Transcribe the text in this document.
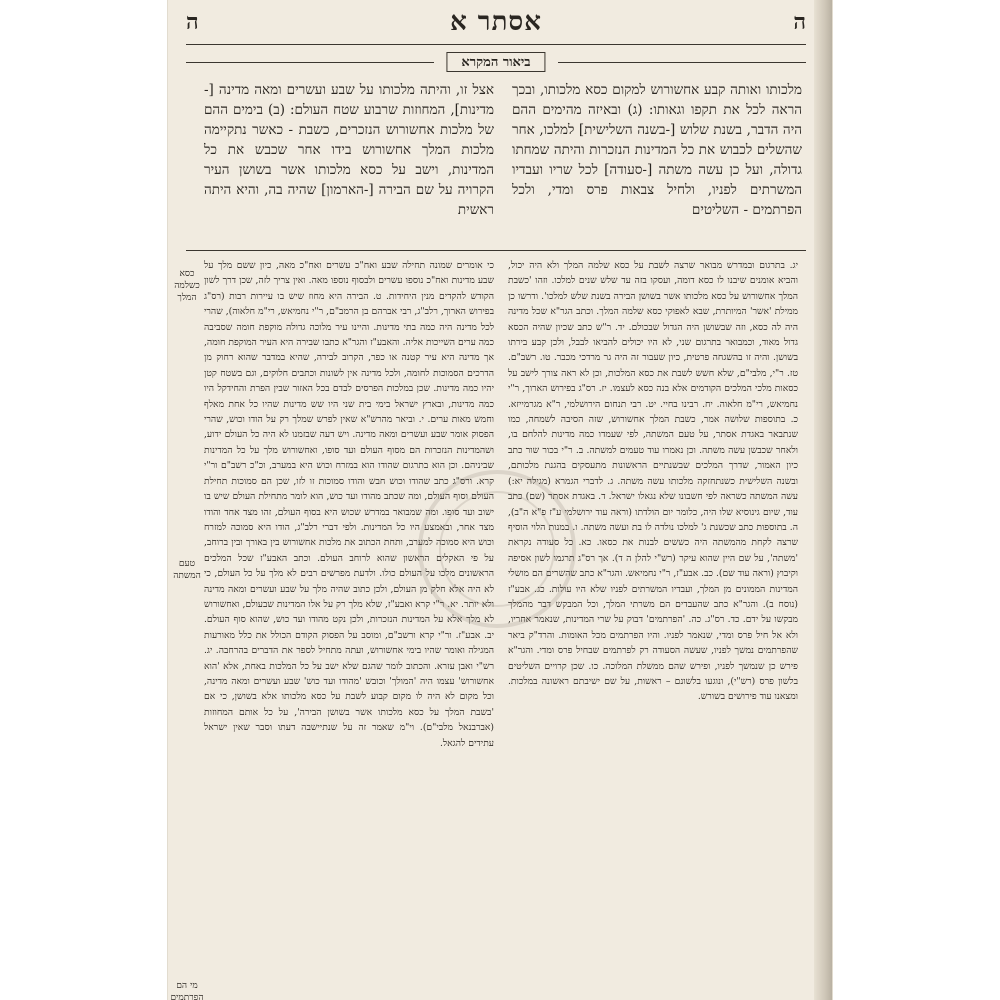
ה	אסתר א	ה
ביאור המקרא
אצל זו, והיתה מלכותו על שבע ועשרים ומאה מדינה [-מדינות], המחוזות שרבוע שטח העולם: (ב) בימים ההם של מלכות אחשורוש הנזכרים, כשבת - כאשר נתקיימה מלכות המלך אחשורוש בידו אחר שכבש את כל המדינות, וישב על כסא מלכותו אשר בשושן העיר הקרויה על שם הבירה [-הארמון] שהיה בה, והיא היתה ראשית
מלכותו ואותה קבע אחשורוש למקום כסא מלכותו, ובכך הראה לכל את תקפו וגאותו: (ג) ובאיזה מהימים ההם היה הדבר, בשנת שלוש [-בשנה השלישית] למלכו, אחר שהשלים לכבוש את כל המדינות הנזכרות והיתה שמחתו גדולה, ועל כן עשה משתה [-סעודה] לכל שריו ועבדיו המשרתים לפניו, ולחיל צבאות פרס ומדי, ולכל הפרתמים - השליטים
כסא כשלמה המלך
טעם המשתה
מי הם הפרתמים
כי אומרים שמונה תחילה שבע ואח"כ עשרים ואח"כ מאה, כיון ששם מלך על שבע מדינות ואח"כ נוספו עשרים ולבסוף נוספו מאה. ואין צריך לזה, שכן דרך לשון הקודש להקדים מנין היחידות. ט. הבירה היא מחוז שיש בו עיירות רבות (רס"ג בפירוש הארוך, רלב"ג, רבי אברהם בן הרמב"ם, ר"י נחמיאש, רי"מ חלאוה), שהרי לכל מדינה היה כמה בתי מדינות. והיינו עיר מלוכה גדולה מוקפת חומה שסביבה כמה ערים השייכות אליה. והאבע"ז והגר"א כתבו שבירה היא העיר המוקפת חומה, אך מדינה היא עיר קטנה או כפר, הקרוב לבירה, שהיא במדבר שהוא רחוק מן הדרכים הסמוכות לחומה, ולכל מדינה אין לשונות וכתבים חלוקים, וגם בשטח קטן יהיו כמה מדינות. שכן במלכות הפרסים לבדם בכל האזור שבין הפרת והחידקל היו כמה מדינות, ובארץ ישראל בימי בית שני היו שש מדינות שהיו כל אחת מאלף וחמש מאות ערים. י. וביאר מהרש"א שאין לפרש שמלך רק על הודו וכוש, שהרי הפסוק אומר שבע ועשרים ומאה מדינה. ויש דעה שבזמנו לא היה כל העולם ידוע, ושהמדינות הנזכרות הם מסוף העולם ועד סופו, ואחשורוש מלך על כל המדינות שביניהם. וכן הוא בתרגום שהודו הוא במזרח וכוש היא במערב, וכ"כ רשב"ם ור"י קרא. ורס"ג כתב שהודו וכוש חבש והודו סמוכות זו לזו, שכן הם סמוכות תחילת העולם וסוף העולם, ומה שכתב מהודו ועד כוש, הוא לומר מתחילת העולם שיש בו ישוב ועד סופו. ומה שמבואר במדרש שכוש היא בסוף העולם, זהו מצד אחד והודו מצד אחר, ובאמצע היו כל המדינות. ולפי דברי רלב"ג, הודו היא סמוכה למזרח וכוש היא סמוכה למערב, ותחת הכתוב את מלכות אחשורוש בין באורך ובין ברוחב, על פי האקלים הראשון שהוא לרוחב העולם. וכתב האבע"ז שכל המלכים הראשונים מלכו על העולם כולו. ולדעת מפרשים רבים לא מלך על כל העולם, כי לא היה אלא חלק מן העולם, ולכן כתוב שהיה מלך על שבע ועשרים ומאה מדינה ולא יותר. יא. ר"י קרא ואבע"ז, שלא מלך רק על אלו המדינות שבעולם, ואחשורוש לא מלך אלא על המדינות הנזכרות, ולכן נקט מהודו ועד כוש, שהוא סוף העולם. יב. אבע"ז. ור"י קרא ורשב"ם, ומוסב על הפסוק הקודם הכולל את כלל מאורעות המגילה ואומר שהיו בימי אחשורוש, ועתה מתחיל לספר את הדברים בהרחבה. יג. רש"י ואבן עזרא. והכתוב לומר שהגם שלא ישב על כל המלכות באחת, אלא 'הוא אחשורוש' עצמו היה 'המולך' וכובש 'מהודו ועד כוש' שבע ועשרים ומאה מדינה, וכל מקום לא היה לו מקום קבוע לשבת על כסא מלכותו אלא בשושן, כי אם 'בשבת המלך על כסא מלכותו אשר בשושן הבירה', על כל אותם המחוזות (אברבנאל מלבי"ם). וי"מ שאמר זה על שנתיישבה דעתו וסבר שאין ישראל עתידים להגאל.
יג. בתרגום ובמדרש מבואר שרצה לשבת על כסא שלמה המלך ולא היה יכול, והביא אומנים שיבנו לו כסא דומה, ועסקו בזה עד שלש שנים למלכו. וזהו 'כשבת המלך אחשורוש על כסא מלכותו אשר בשושן הבירה בשנת שלש למלכו'. ודרשו כן ממילת 'אשר' המיותרת, שבא לאפוקי כסא שלמה המלך. וכתב הגר"א שכל מדינה היה לה כסא, וזה שבשושן היה הגדול שבכולם. יד. ר"ש כתב שכיון שהיה הכסא גדול מאוד, וכמבואר בתרגום שני, לא היו יכולים להביאו לבבל, ולכן קבע בירתו בשושן. והיה זו בהשגחה פרטית, כיון שעבור זה היה גר מרדכי מכבר. טו. רשב"ם. טז. ר"י, מלבי"ם, שלא חשש לשבת את כסא המלכות, וכן לא ראה צורך לישב על כסאות מלכי המלכים הקודמים אלא בנה כסא לעצמו. יז. רס"ג בפירוש הארוך, ר"י נחמיאש, רי"מ חלאוה. יח. רבינו בחיי. יט. רבי תנחום הירושלמי, ר"א מגרמייזא. כ. בתוספות שלושה אמר, כשבת המלך אחשורוש, שזה הסיבה לשמחה, כמו שנתבאר באגדת אסתר, על טעם המשתה, לפי שעמדו כמה מדינות להלחם בו, ולאחר שכבשן עשה משתה. וכן נאמרו עוד טעמים למשתה. ב. ר"י בכור שור כתב כיון האמור, שדרך המלכים שבשנתיים הראשונות מתעסקים בהגנת מלכותם, ובשנה השלישית כשנתחזקה מלכותו עשה משתה. ג. לדברי הגמרא (מגילה יא:) עשה המשתה כשראה לפי חשבונו שלא נגאלו ישראל. ד. באגדת אסתר (שם) כתב עוד, שיום גינוסיא שלו היה, כלומר יום הולדתו (וראה עוד ירושלמי ע"ז פ"א ה"ב), ה. בתוספות כתב שכשנת ג' למלכו נולדה לו בת ועשה משתה. ו. במנות הלוי הוסיף שרצה לקחת מהמשתה היה כששים לבנות את כסאו. כא. כל סעודה נקראת 'משתה', על שם היין שהוא עיקר (רש"י להלן ה ד). אך רס"ג תרגמו לשון אסיפה וקיבוץ (וראה עוד שם). כב. אבע"ז, ר"י נחמיאש. והגר"א כתב שהשרים הם מושלי המדינות הממונים מן המלך, ועבדיו המשרתים לפניו שלא היו עולות. כג. אבע"ז (נוסח ב). והגר"א כתב שהעבדים הם משרתי המלך, וכל המבקש דבר מהמלך מבקשו על ידם. כד. רס"ג. כה. 'הפרתמים' דבוק על שרי המדינות, שנאמר אחריו, ולא אל חיל פרס ומדי, שנאמר לפניו. והיו הפרתמים מכל האומות. והרד"ק ביאר שהפרתמים נמשך לפניו, שעשה הסעודה רק לפרתמים שבחיל פרס ומדי. והגר"א פירש כן שנמשך לפניו, ופירש שהם ממשלת המלוכה. כו. שכן קרויים השליטים בלשון פרס (רש"י), ונוגעו בלשונם – ראשות, על שם ישיבתם ראשונה במלכות. ומצאנו עוד פירושים בשורש.
